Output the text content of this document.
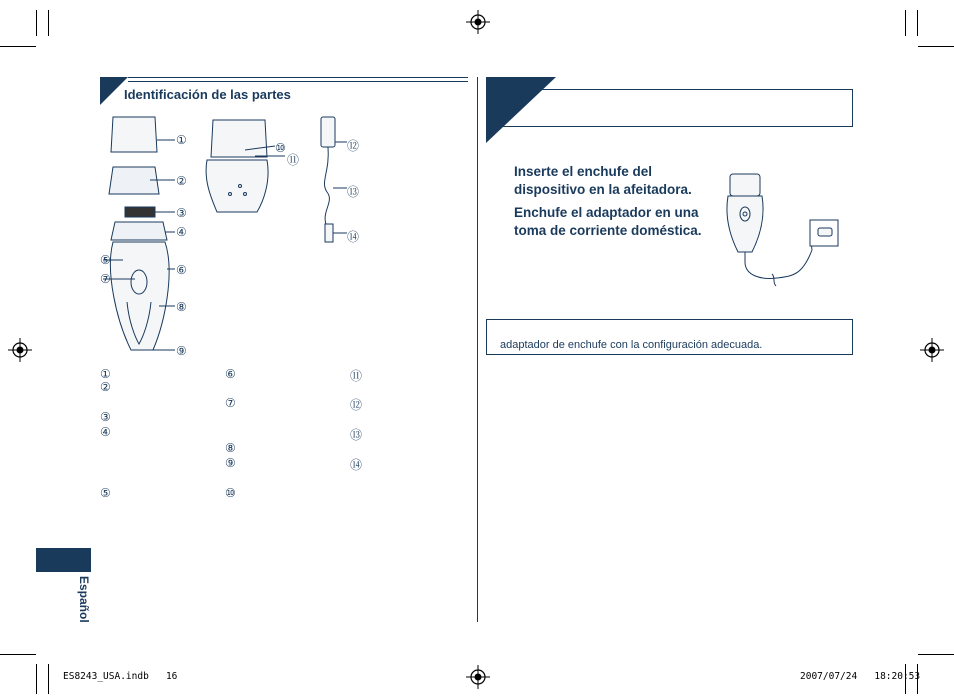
Identificación de las partes
①
②
③
④
⑤
⑥
⑦
⑧
⑨
⑩
⑪
⑫
⑬
⑭
①
②
③
④
⑤
⑥
⑦
⑧
⑨
⑩
⑪
⑫
⑬
⑭
Inserte el enchufe del
dispositivo en la afeitadora.
Enchufe el adaptador en una
toma de corriente doméstica.
adaptador de enchufe con la configuración adecuada.
Español
ES8243_USA.indb   16	2007/07/24   18:20:53
